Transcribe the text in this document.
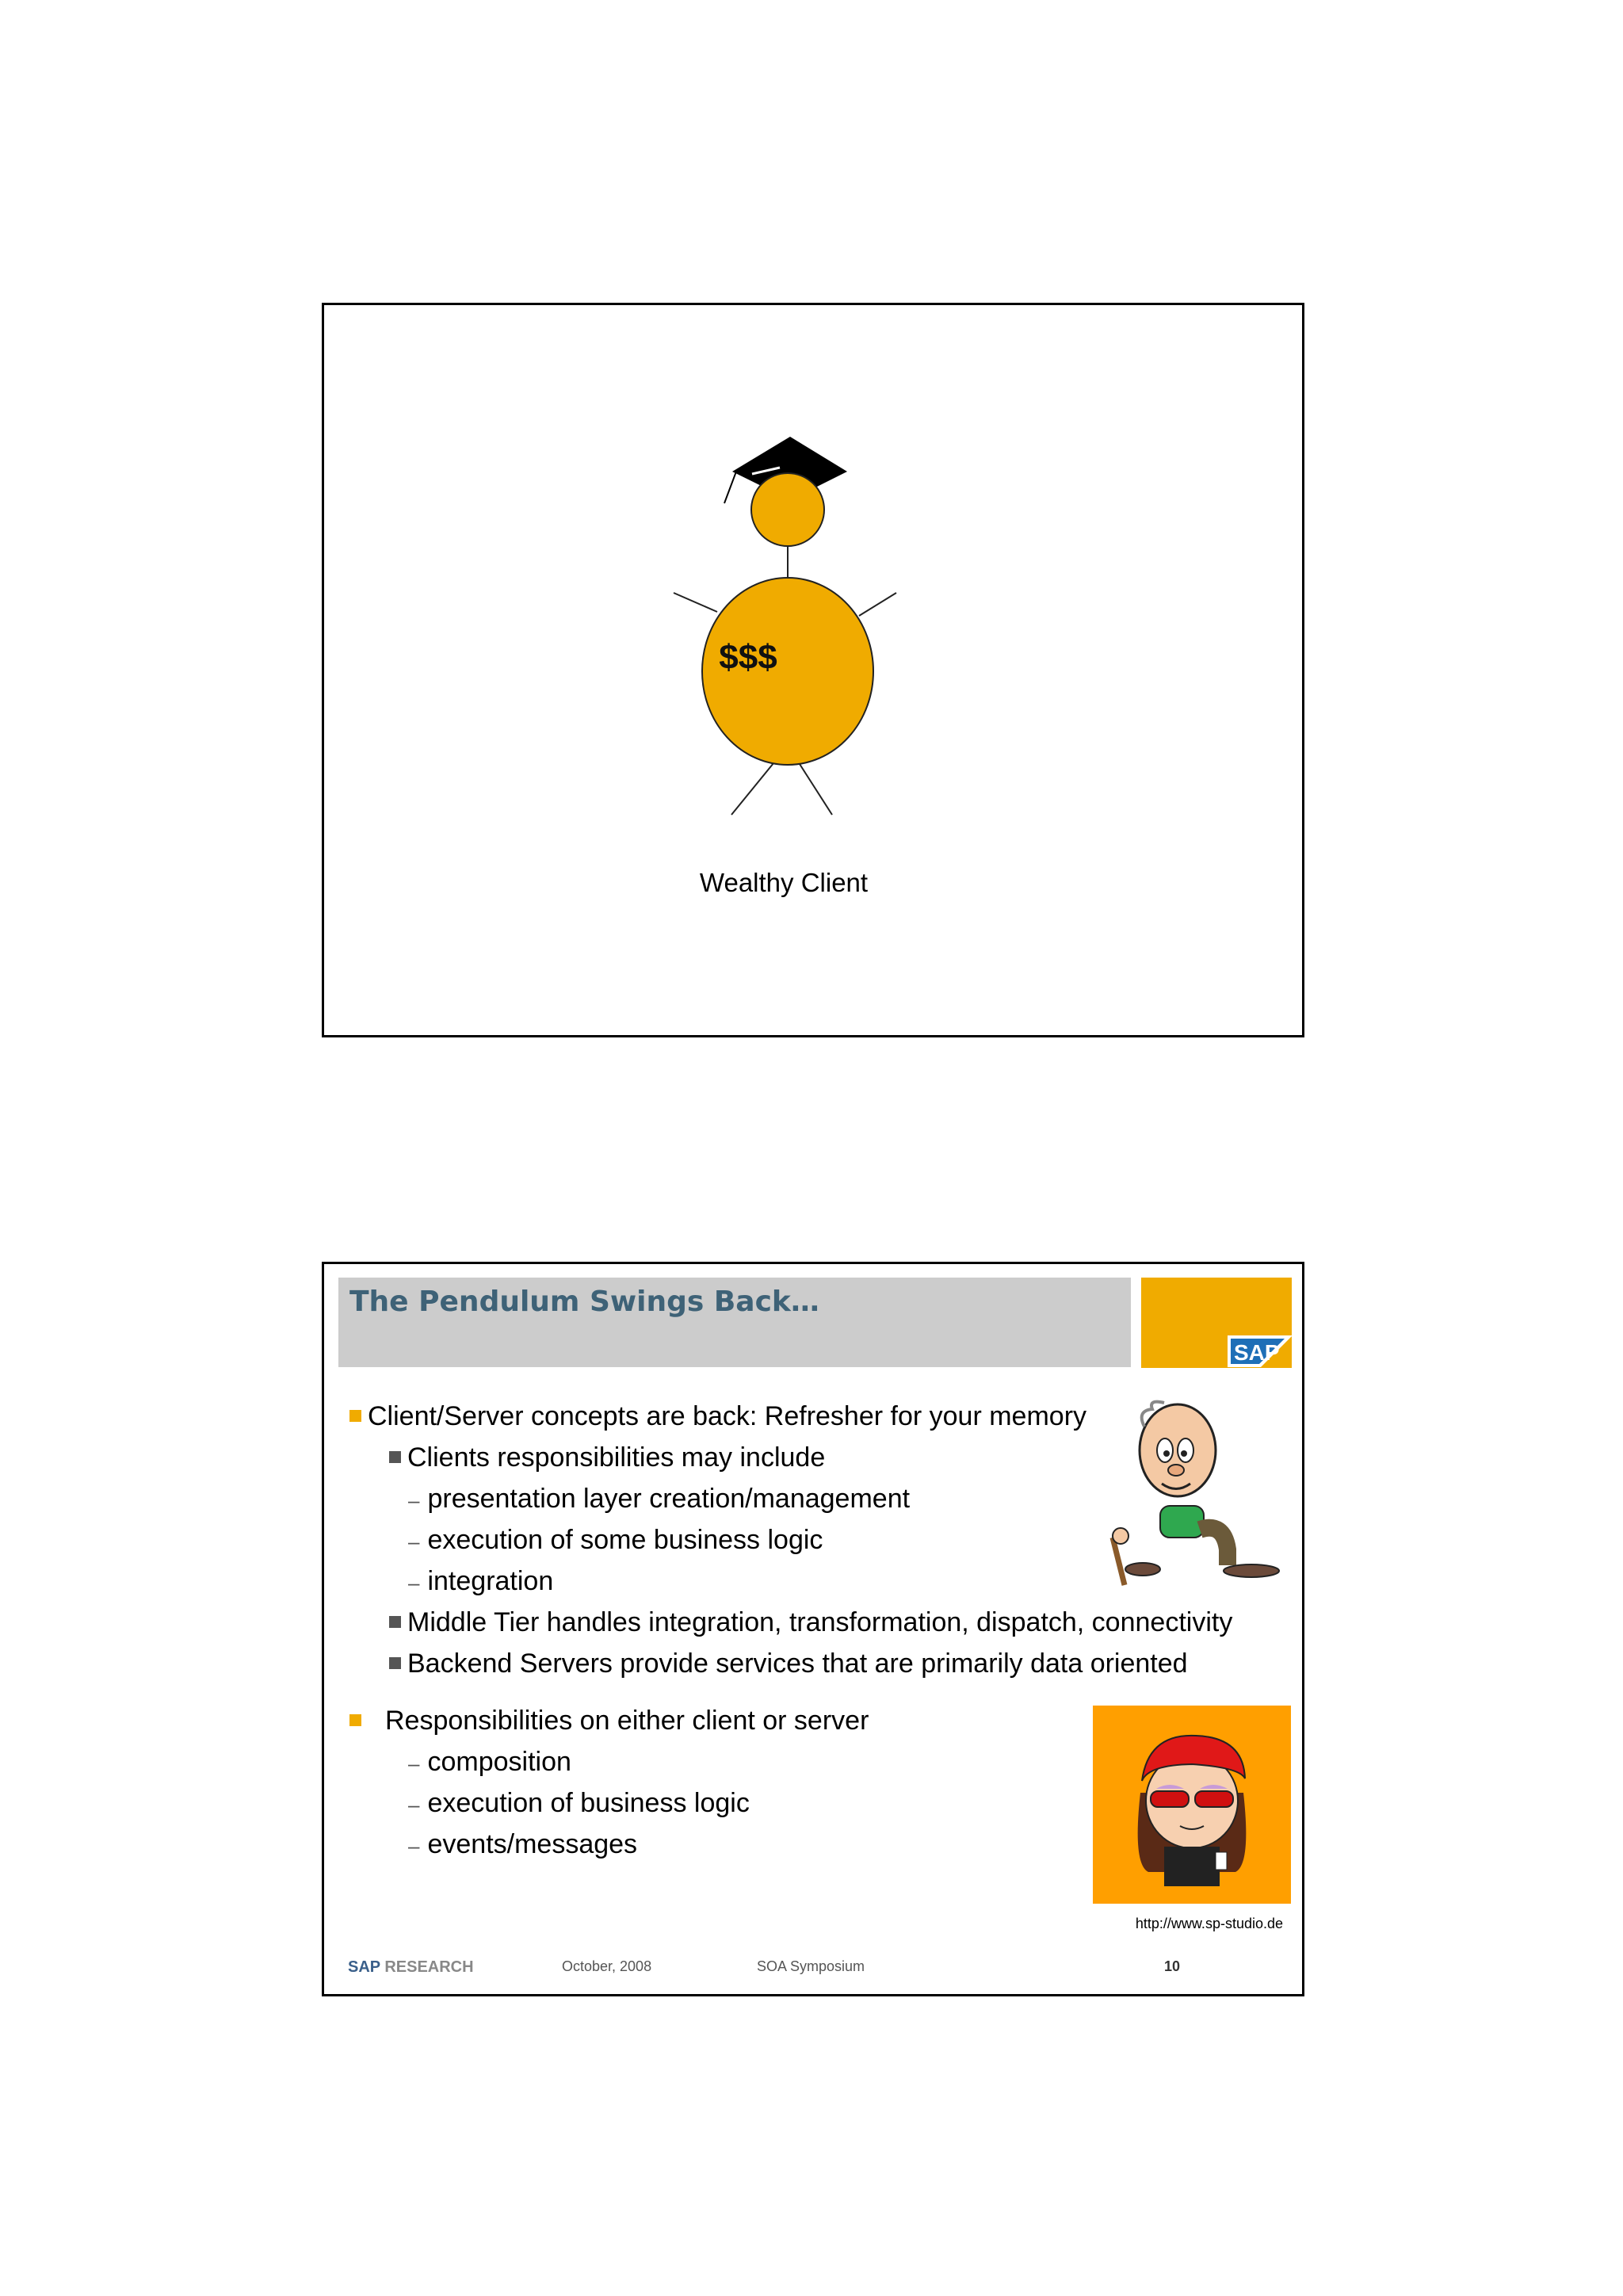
$$$
Wealthy Client
The Pendulum Swings Back…
SAP
Client/Server concepts are back: Refresher for your memory
Clients responsibilities may include
– presentation layer creation/management
– execution of some business logic
– integration
Middle Tier handles integration, transformation, dispatch, connectivity
Backend Servers provide services that are primarily data oriented
Responsibilities on either client or server
– composition
– execution of business logic
– events/messages
http://www.sp-studio.de
SAP RESEARCH	October, 2008	SOA Symposium	10
